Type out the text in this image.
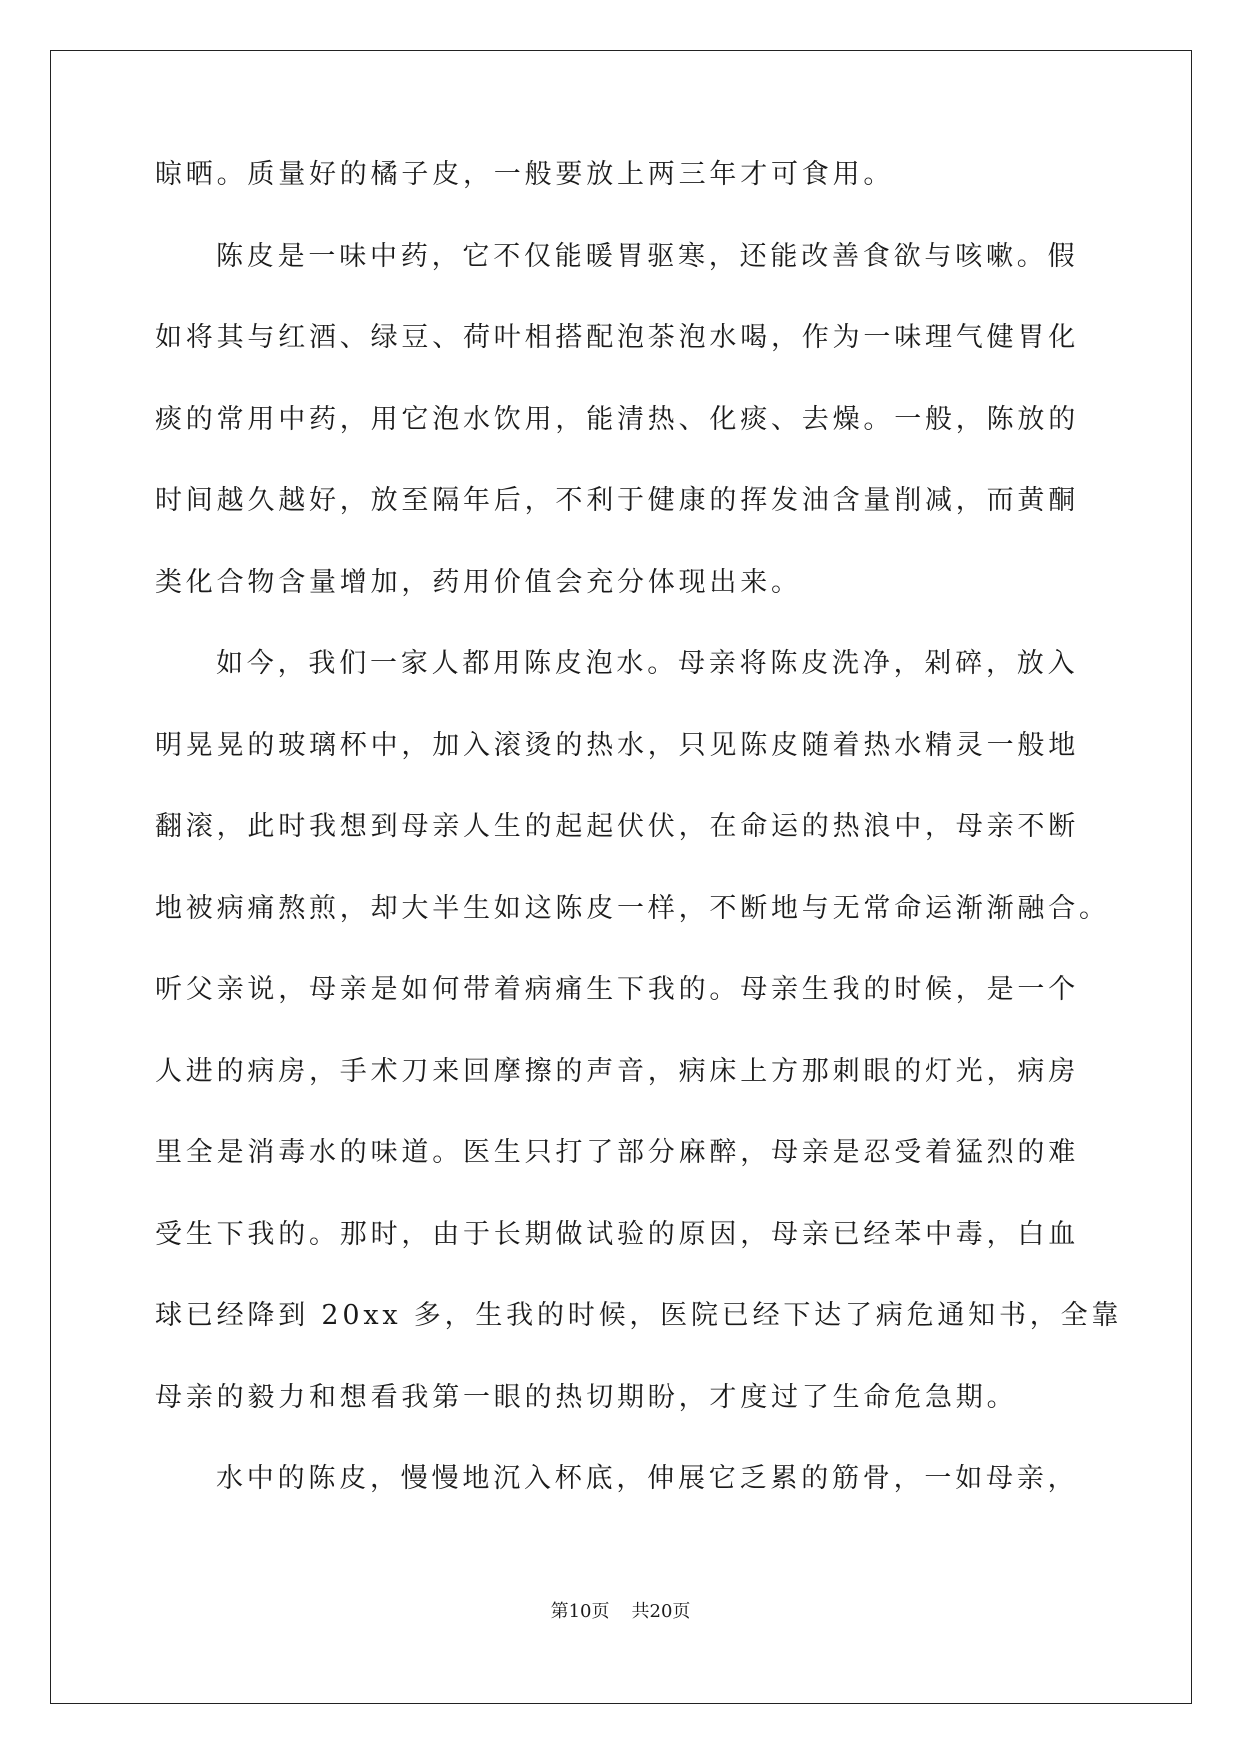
晾晒。质量好的橘子皮，一般要放上两三年才可食用。
陈皮是一味中药，它不仅能暖胃驱寒，还能改善食欲与咳嗽。假
如将其与红酒、绿豆、荷叶相搭配泡茶泡水喝，作为一味理气健胃化
痰的常用中药，用它泡水饮用，能清热、化痰、去燥。一般，陈放的
时间越久越好，放至隔年后，不利于健康的挥发油含量削减，而黄酮
类化合物含量增加，药用价值会充分体现出来。
如今，我们一家人都用陈皮泡水。母亲将陈皮洗净，剁碎，放入
明晃晃的玻璃杯中，加入滚烫的热水，只见陈皮随着热水精灵一般地
翻滚，此时我想到母亲人生的起起伏伏，在命运的热浪中，母亲不断
地被病痛熬煎，却大半生如这陈皮一样，不断地与无常命运渐渐融合。
听父亲说，母亲是如何带着病痛生下我的。母亲生我的时候，是一个
人进的病房，手术刀来回摩擦的声音，病床上方那刺眼的灯光，病房
里全是消毒水的味道。医生只打了部分麻醉，母亲是忍受着猛烈的难
受生下我的。那时，由于长期做试验的原因，母亲已经苯中毒，白血
球已经降到 20xx 多，生我的时候，医院已经下达了病危通知书，全靠
母亲的毅力和想看我第一眼的热切期盼，才度过了生命危急期。
水中的陈皮，慢慢地沉入杯底，伸展它乏累的筋骨，一如母亲，
第10页 共20页
